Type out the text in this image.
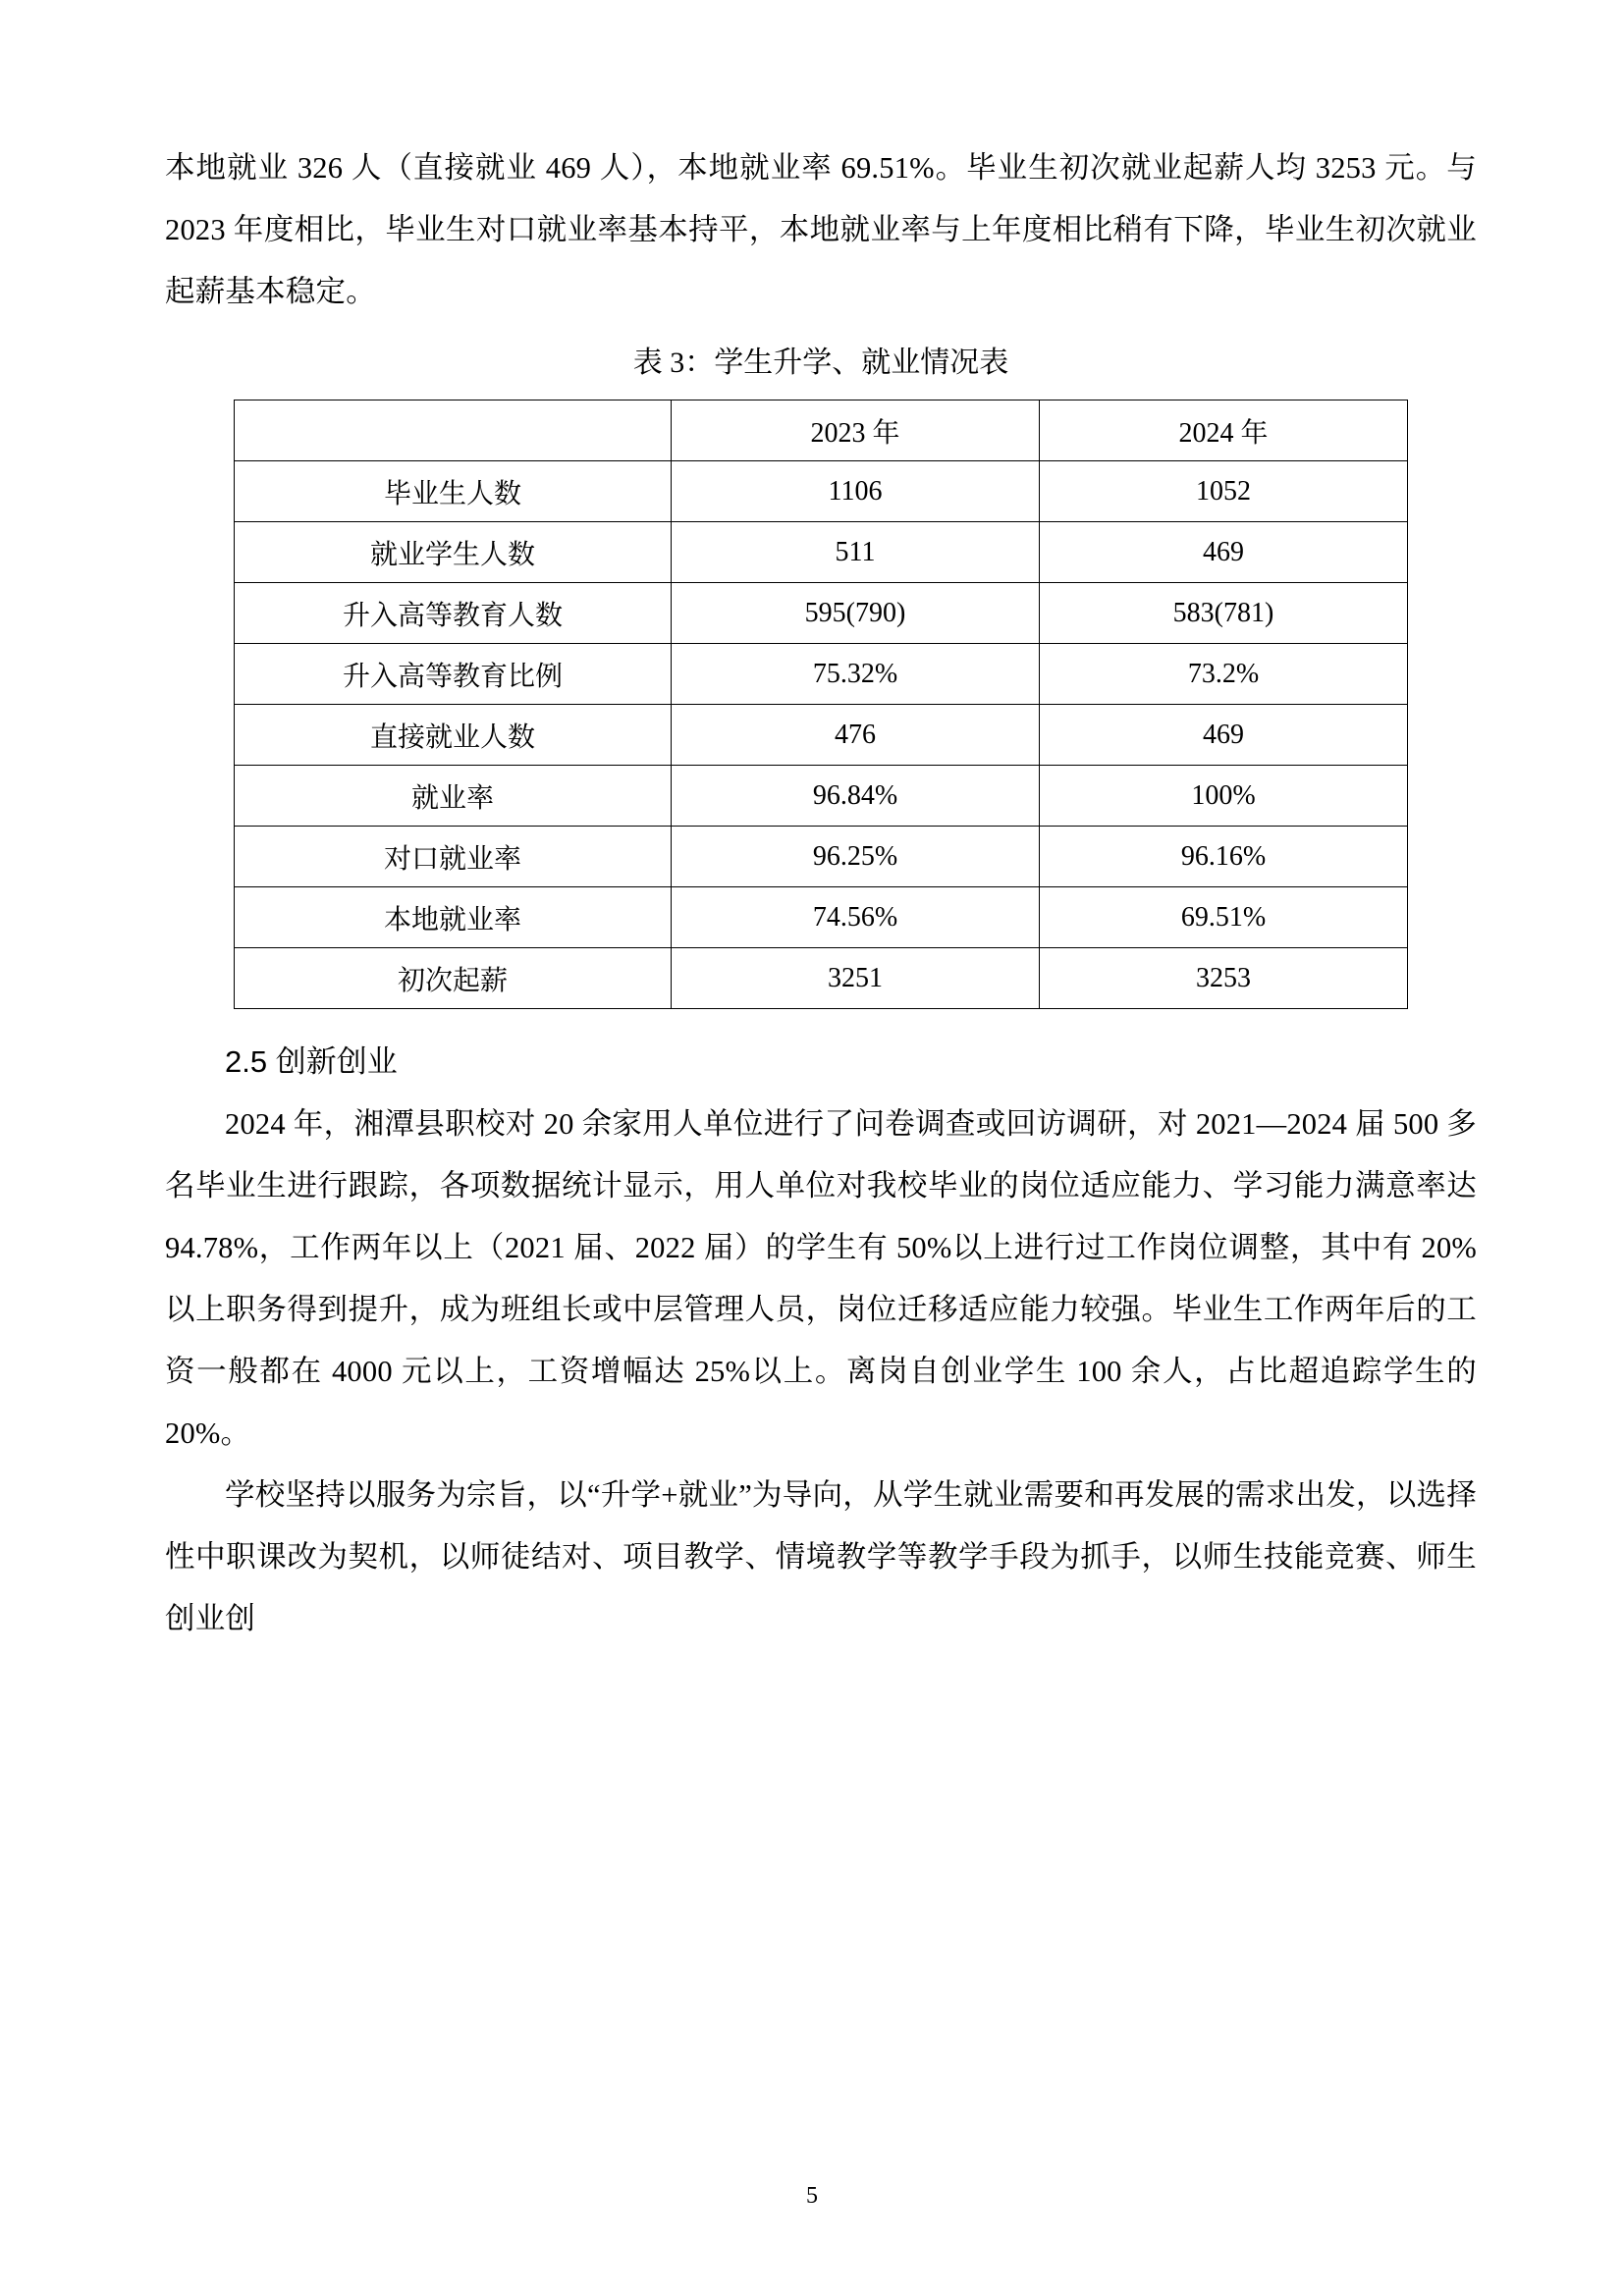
本地就业 326 人（直接就业 469 人），本地就业率 69.51%。毕业生初次就业起薪人均 3253 元。与 2023 年度相比，毕业生对口就业率基本持平，本地就业率与上年度相比稍有下降，毕业生初次就业起薪基本稳定。

表 3：学生升学、就业情况表
	2023 年	2024 年
毕业生人数	1106	1052
就业学生人数	511	469
升入高等教育人数	595(790)	583(781)
升入高等教育比例	75.32%	73.2%
直接就业人数	476	469
就业率	96.84%	100%
对口就业率	96.25%	96.16%
本地就业率	74.56%	69.51%
初次起薪	3251	3253
2.5 创新创业

2024 年，湘潭县职校对 20 余家用人单位进行了问卷调查或回访调研，对 2021—2024 届 500 多名毕业生进行跟踪，各项数据统计显示，用人单位对我校毕业的岗位适应能力、学习能力满意率达 94.78%，工作两年以上（2021 届、2022 届）的学生有 50%以上进行过工作岗位调整，其中有 20%以上职务得到提升，成为班组长或中层管理人员，岗位迁移适应能力较强。毕业生工作两年后的工资一般都在 4000 元以上，工资增幅达 25%以上。离岗自创业学生 100 余人，占比超追踪学生的 20%。

学校坚持以服务为宗旨，以“升学+就业”为导向，从学生就业需要和再发展的需求出发，以选择性中职课改为契机，以师徒结对、项目教学、情境教学等教学手段为抓手，以师生技能竞赛、师生创业创

5
